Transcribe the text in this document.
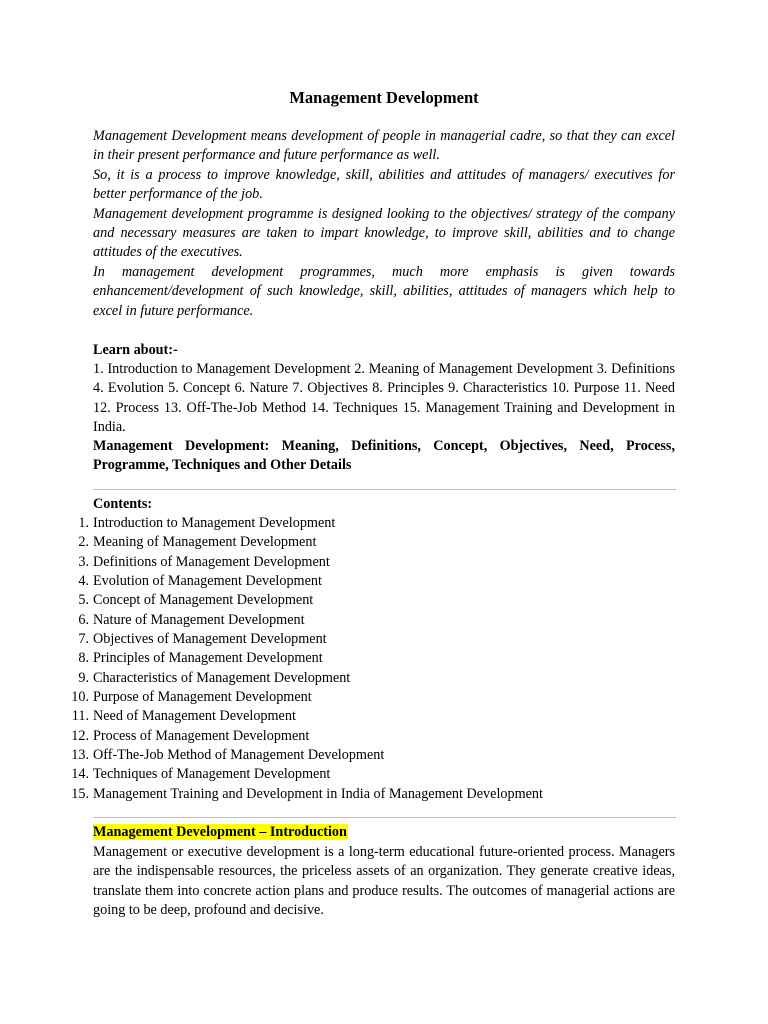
Management Development

Management Development means development of people in managerial cadre, so that they can excel in their present performance and future performance as well.

So, it is a process to improve knowledge, skill, abilities and attitudes of managers/ executives for better performance of the job.

Management development programme is designed looking to the objectives/ strategy of the company and necessary measures are taken to impart knowledge, to improve skill, abilities and to change attitudes of the executives.

In management development programmes, much more emphasis is given towards enhancement/development of such knowledge, skill, abilities, attitudes of managers which help to excel in future performance.

Learn about:-

1. Introduction to Management Development 2. Meaning of Management Development 3. Definitions 4. Evolution 5. Concept 6. Nature 7. Objectives 8. Principles 9. Characteristics 10. Purpose 11. Need 12. Process 13. Off-The-Job Method 14. Techniques 15. Management Training and Development in India.

Management Development: Meaning, Definitions, Concept, Objectives, Need, Process, Programme, Techniques and Other Details
Contents:
1. Introduction to Management Development
2. Meaning of Management Development
3. Definitions of Management Development
4. Evolution of Management Development
5. Concept of Management Development
6. Nature of Management Development
7. Objectives of Management Development
8. Principles of Management Development
9. Characteristics of Management Development
10. Purpose of Management Development
11. Need of Management Development
12. Process of Management Development
13. Off-The-Job Method of Management Development
14. Techniques of Management Development
15. Management Training and Development in India of Management Development
Management Development – Introduction

Management or executive development is a long-term educational future-oriented process. Managers are the indispensable resources, the priceless assets of an organization. They generate creative ideas, translate them into concrete action plans and produce results. The outcomes of managerial actions are going to be deep, profound and decisive.
